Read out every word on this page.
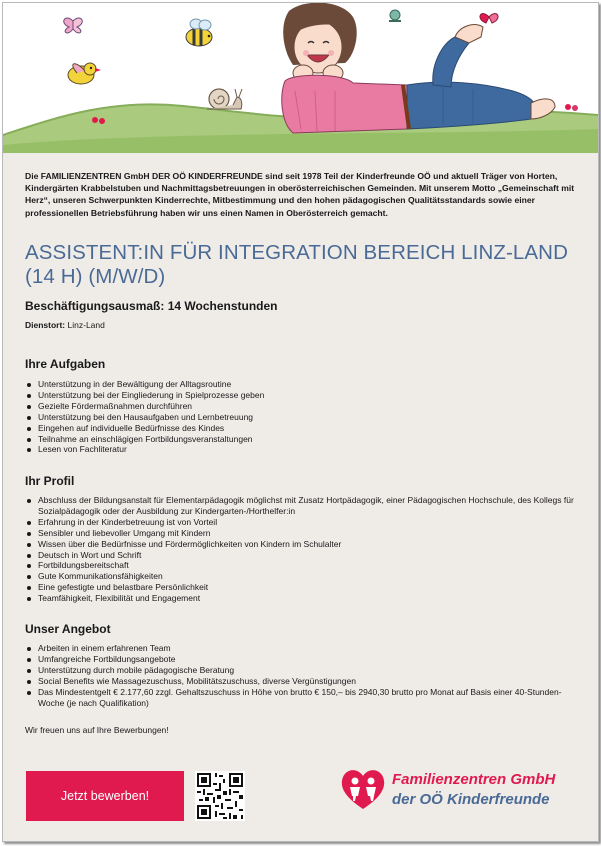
Die FAMILIENZENTREN GmbH DER OÖ KINDERFREUNDE sind seit 1978 Teil der Kinderfreunde OÖ und aktuell Träger von Horten, Kindergärten Krabbelstuben und Nachmittagsbetreuungen in oberösterreichischen Gemeinden. Mit unserem Motto „Gemeinschaft mit Herz“, unseren Schwerpunkten Kinderrechte, Mitbestimmung und den hohen pädagogischen Qualitätsstandards sowie einer professionellen Betriebsführung haben wir uns einen Namen in Oberösterreich gemacht.
ASSISTENT:IN FÜR INTEGRATION BEREICH LINZ-LAND (14 H) (M/W/D)
Beschäftigungsausmaß: 14 Wochenstunden
Dienstort: Linz-Land
Ihre Aufgaben
Unterstützung in der Bewältigung der Alltagsroutine
Unterstützung bei der Eingliederung in Spielprozesse geben
Gezielte Fördermaßnahmen durchführen
Unterstützung bei den Hausaufgaben und Lernbetreuung
Eingehen auf individuelle Bedürfnisse des Kindes
Teilnahme an einschlägigen Fortbildungsveranstaltungen
Lesen von Fachliteratur
Ihr Profil
Abschluss der Bildungsanstalt für Elementarpädagogik möglichst mit Zusatz Hortpädagogik, einer Pädagogischen Hochschule, des Kollegs für Sozialpädagogik oder der Ausbildung zur Kindergarten-/Horthelfer:in
Erfahrung in der Kinderbetreuung ist von Vorteil
Sensibler und liebevoller Umgang mit Kindern
Wissen über die Bedürfnisse und Fördermöglichkeiten von Kindern im Schulalter
Deutsch in Wort und Schrift
Fortbildungsbereitschaft
Gute Kommunikationsfähigkeiten
Eine gefestigte und belastbare Persönlichkeit
Teamfähigkeit, Flexibilität und Engagement
Unser Angebot
Arbeiten in einem erfahrenen Team
Umfangreiche Fortbildungsangebote
Unterstützung durch mobile pädagogische Beratung
Social Benefits wie Massagezuschuss, Mobilitätszuschuss, diverse Vergünstigungen
Das Mindestentgelt € 2.177,60 zzgl. Gehaltszuschuss in Höhe von brutto € 150,– bis 2940,30 brutto pro Monat auf Basis einer 40-Stunden-Woche (je nach Qualifikation)
Wir freuen uns auf Ihre Bewerbungen!
Jetzt bewerben!
Familienzentren GmbH
der OÖ Kinderfreunde
